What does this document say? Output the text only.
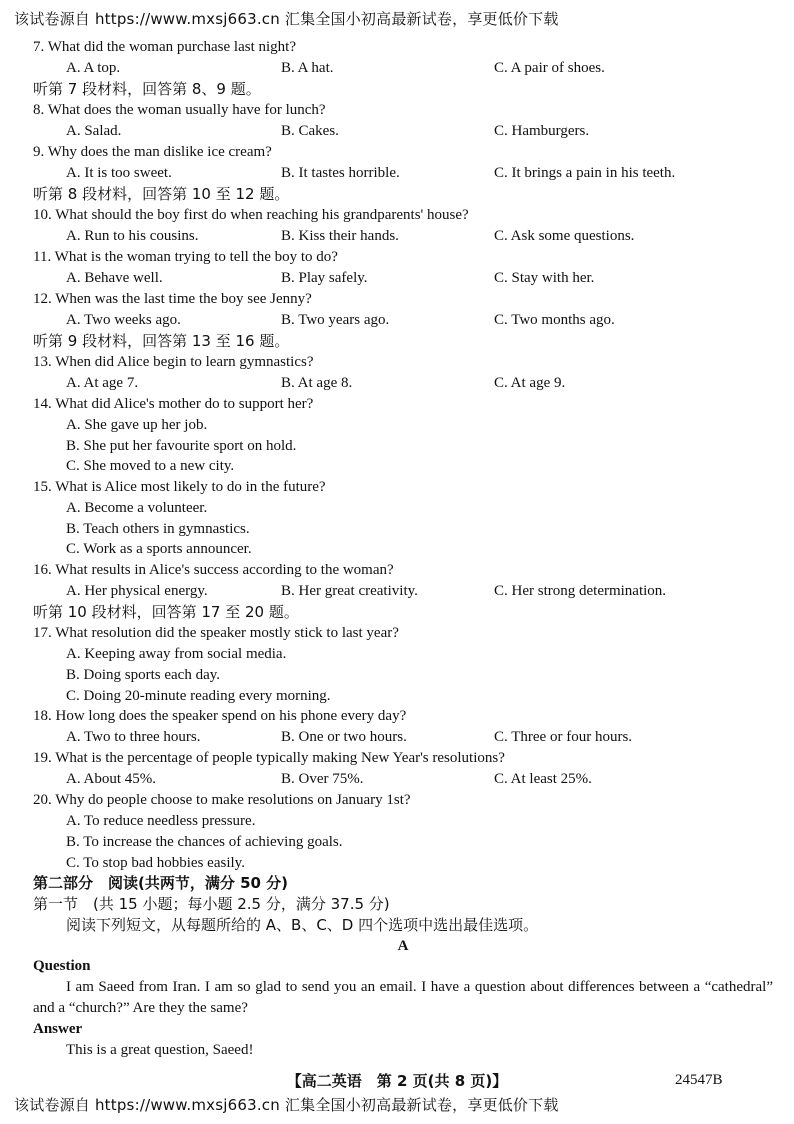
该试卷源自 https://www.mxsj663.cn 汇集全国小初高最新试卷，享更低价下载
7. What did the woman purchase last night?
A. A top.	B. A hat.	C. A pair of shoes.
听第 7 段材料，回答第 8、9 题。
8. What does the woman usually have for lunch?
A. Salad.	B. Cakes.	C. Hamburgers.
9. Why does the man dislike ice cream?
A. It is too sweet.	B. It tastes horrible.	C. It brings a pain in his teeth.
听第 8 段材料，回答第 10 至 12 题。
10. What should the boy first do when reaching his grandparents' house?
A. Run to his cousins.	B. Kiss their hands.	C. Ask some questions.
11. What is the woman trying to tell the boy to do?
A. Behave well.	B. Play safely.	C. Stay with her.
12. When was the last time the boy see Jenny?
A. Two weeks ago.	B. Two years ago.	C. Two months ago.
听第 9 段材料，回答第 13 至 16 题。
13. When did Alice begin to learn gymnastics?
A. At age 7.	B. At age 8.	C. At age 9.
14. What did Alice's mother do to support her?
A. She gave up her job.
B. She put her favourite sport on hold.
C. She moved to a new city.
15. What is Alice most likely to do in the future?
A. Become a volunteer.
B. Teach others in gymnastics.
C. Work as a sports announcer.
16. What results in Alice's success according to the woman?
A. Her physical energy.	B. Her great creativity.	C. Her strong determination.
听第 10 段材料，回答第 17 至 20 题。
17. What resolution did the speaker mostly stick to last year?
A. Keeping away from social media.
B. Doing sports each day.
C. Doing 20-minute reading every morning.
18. How long does the speaker spend on his phone every day?
A. Two to three hours.	B. One or two hours.	C. Three or four hours.
19. What is the percentage of people typically making New Year's resolutions?
A. About 45%.	B. Over 75%.	C. At least 25%.
20. Why do people choose to make resolutions on January 1st?
A. To reduce needless pressure.
B. To increase the chances of achieving goals.
C. To stop bad hobbies easily.
第二部分　阅读(共两节，满分 50 分)
第一节　(共 15 小题；每小题 2.5 分，满分 37.5 分)
阅读下列短文，从每题所给的 A、B、C、D 四个选项中选出最佳选项。
A
Question
I am Saeed from Iran. I am so glad to send you an email. I have a question about differences between a “cathedral” and a “church?” Are they the same?
Answer
This is a great question, Saeed!
【高二英语　第 2 页(共 8 页)】	24547B
该试卷源自 https://www.mxsj663.cn 汇集全国小初高最新试卷，享更低价下载
